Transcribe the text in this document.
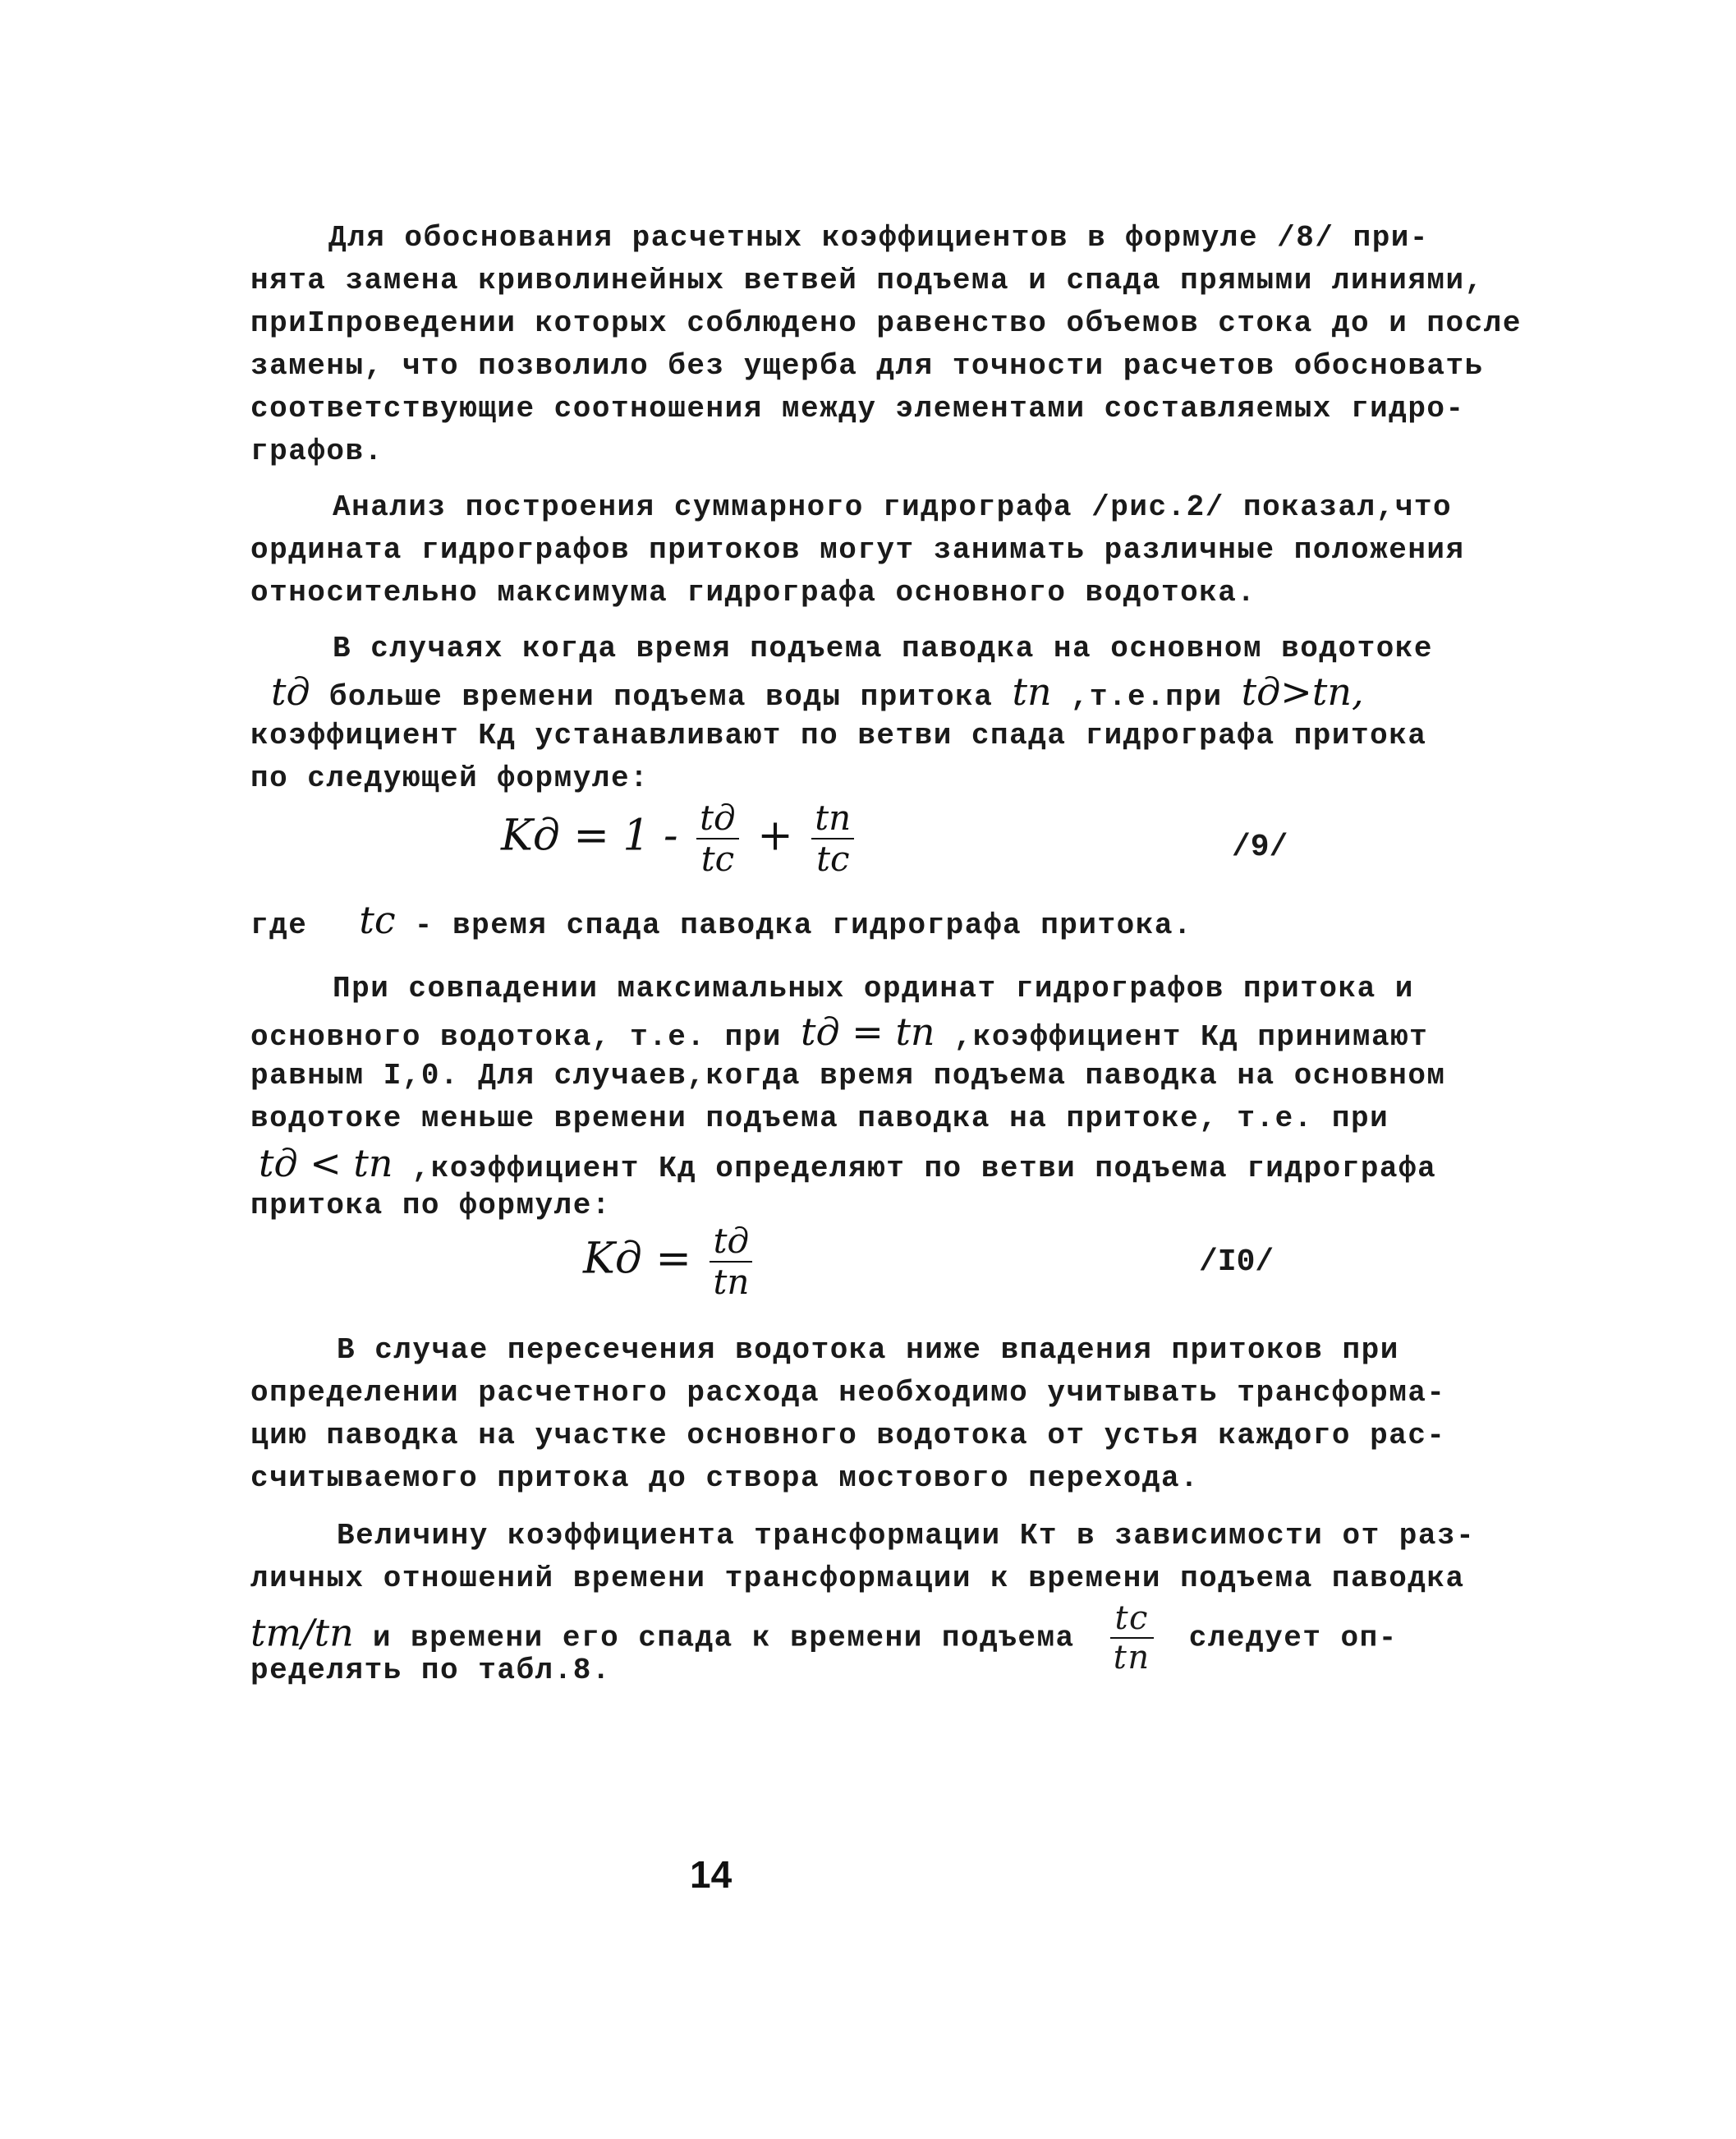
Для обоснования расчетных коэффициентов в формуле /8/ при-
нята замена криволинейных ветвей подъема и спада прямыми линиями,
приIпроведении которых соблюдено равенство объемов стока до и после
замены, что позволило без ущерба для точности расчетов обосновать
соответствующие соотношения между элементами составляемых гидро-
графов.
Анализ построения суммарного гидрографа /рис.2/ показал,что
ордината гидрографов притоков могут занимать различные положения
относительно максимума гидрографа основного водотока.
В случаях когда время подъема паводка на основном водотоке
tд больше времени подъема воды притока tп ,т.е.при tд>tп,
коэффициент Кд устанавливают по ветви спада гидрографа притока
по следующей формуле:
Kд = $1 - \frac{tд}{tc} + \frac{tп}{tc}$	/9/
где tc - время спада паводка гидрографа притока.
При совпадении максимальных ординат гидрографов притока и
основного водотока, т.е. при tд = tп ,коэффициент Кд принимают
равным I,0. Для случаев,когда время подъема паводка на основном
водотоке меньше времени подъема паводка на притоке, т.е. при
tд < tп ,коэффициент Кд определяют по ветви подъема гидрографа
притока по формуле:
Kд = $\frac{tд}{tп}$	/I0/
В случае пересечения водотока ниже впадения притоков при
определении расчетного расхода необходимо учитывать трансформа-
цию паводка на участке основного водотока от устья каждого рас-
считываемого притока до створа мостового перехода.
Величину коэффициента трансформации Кт в зависимости от раз-
личных отношений времени трансформации к времени подъема паводка
tт/tп и времени его спада к времени подъема $\frac{tc}{tп}$ следует оп-
ределять по табл.8.
14
